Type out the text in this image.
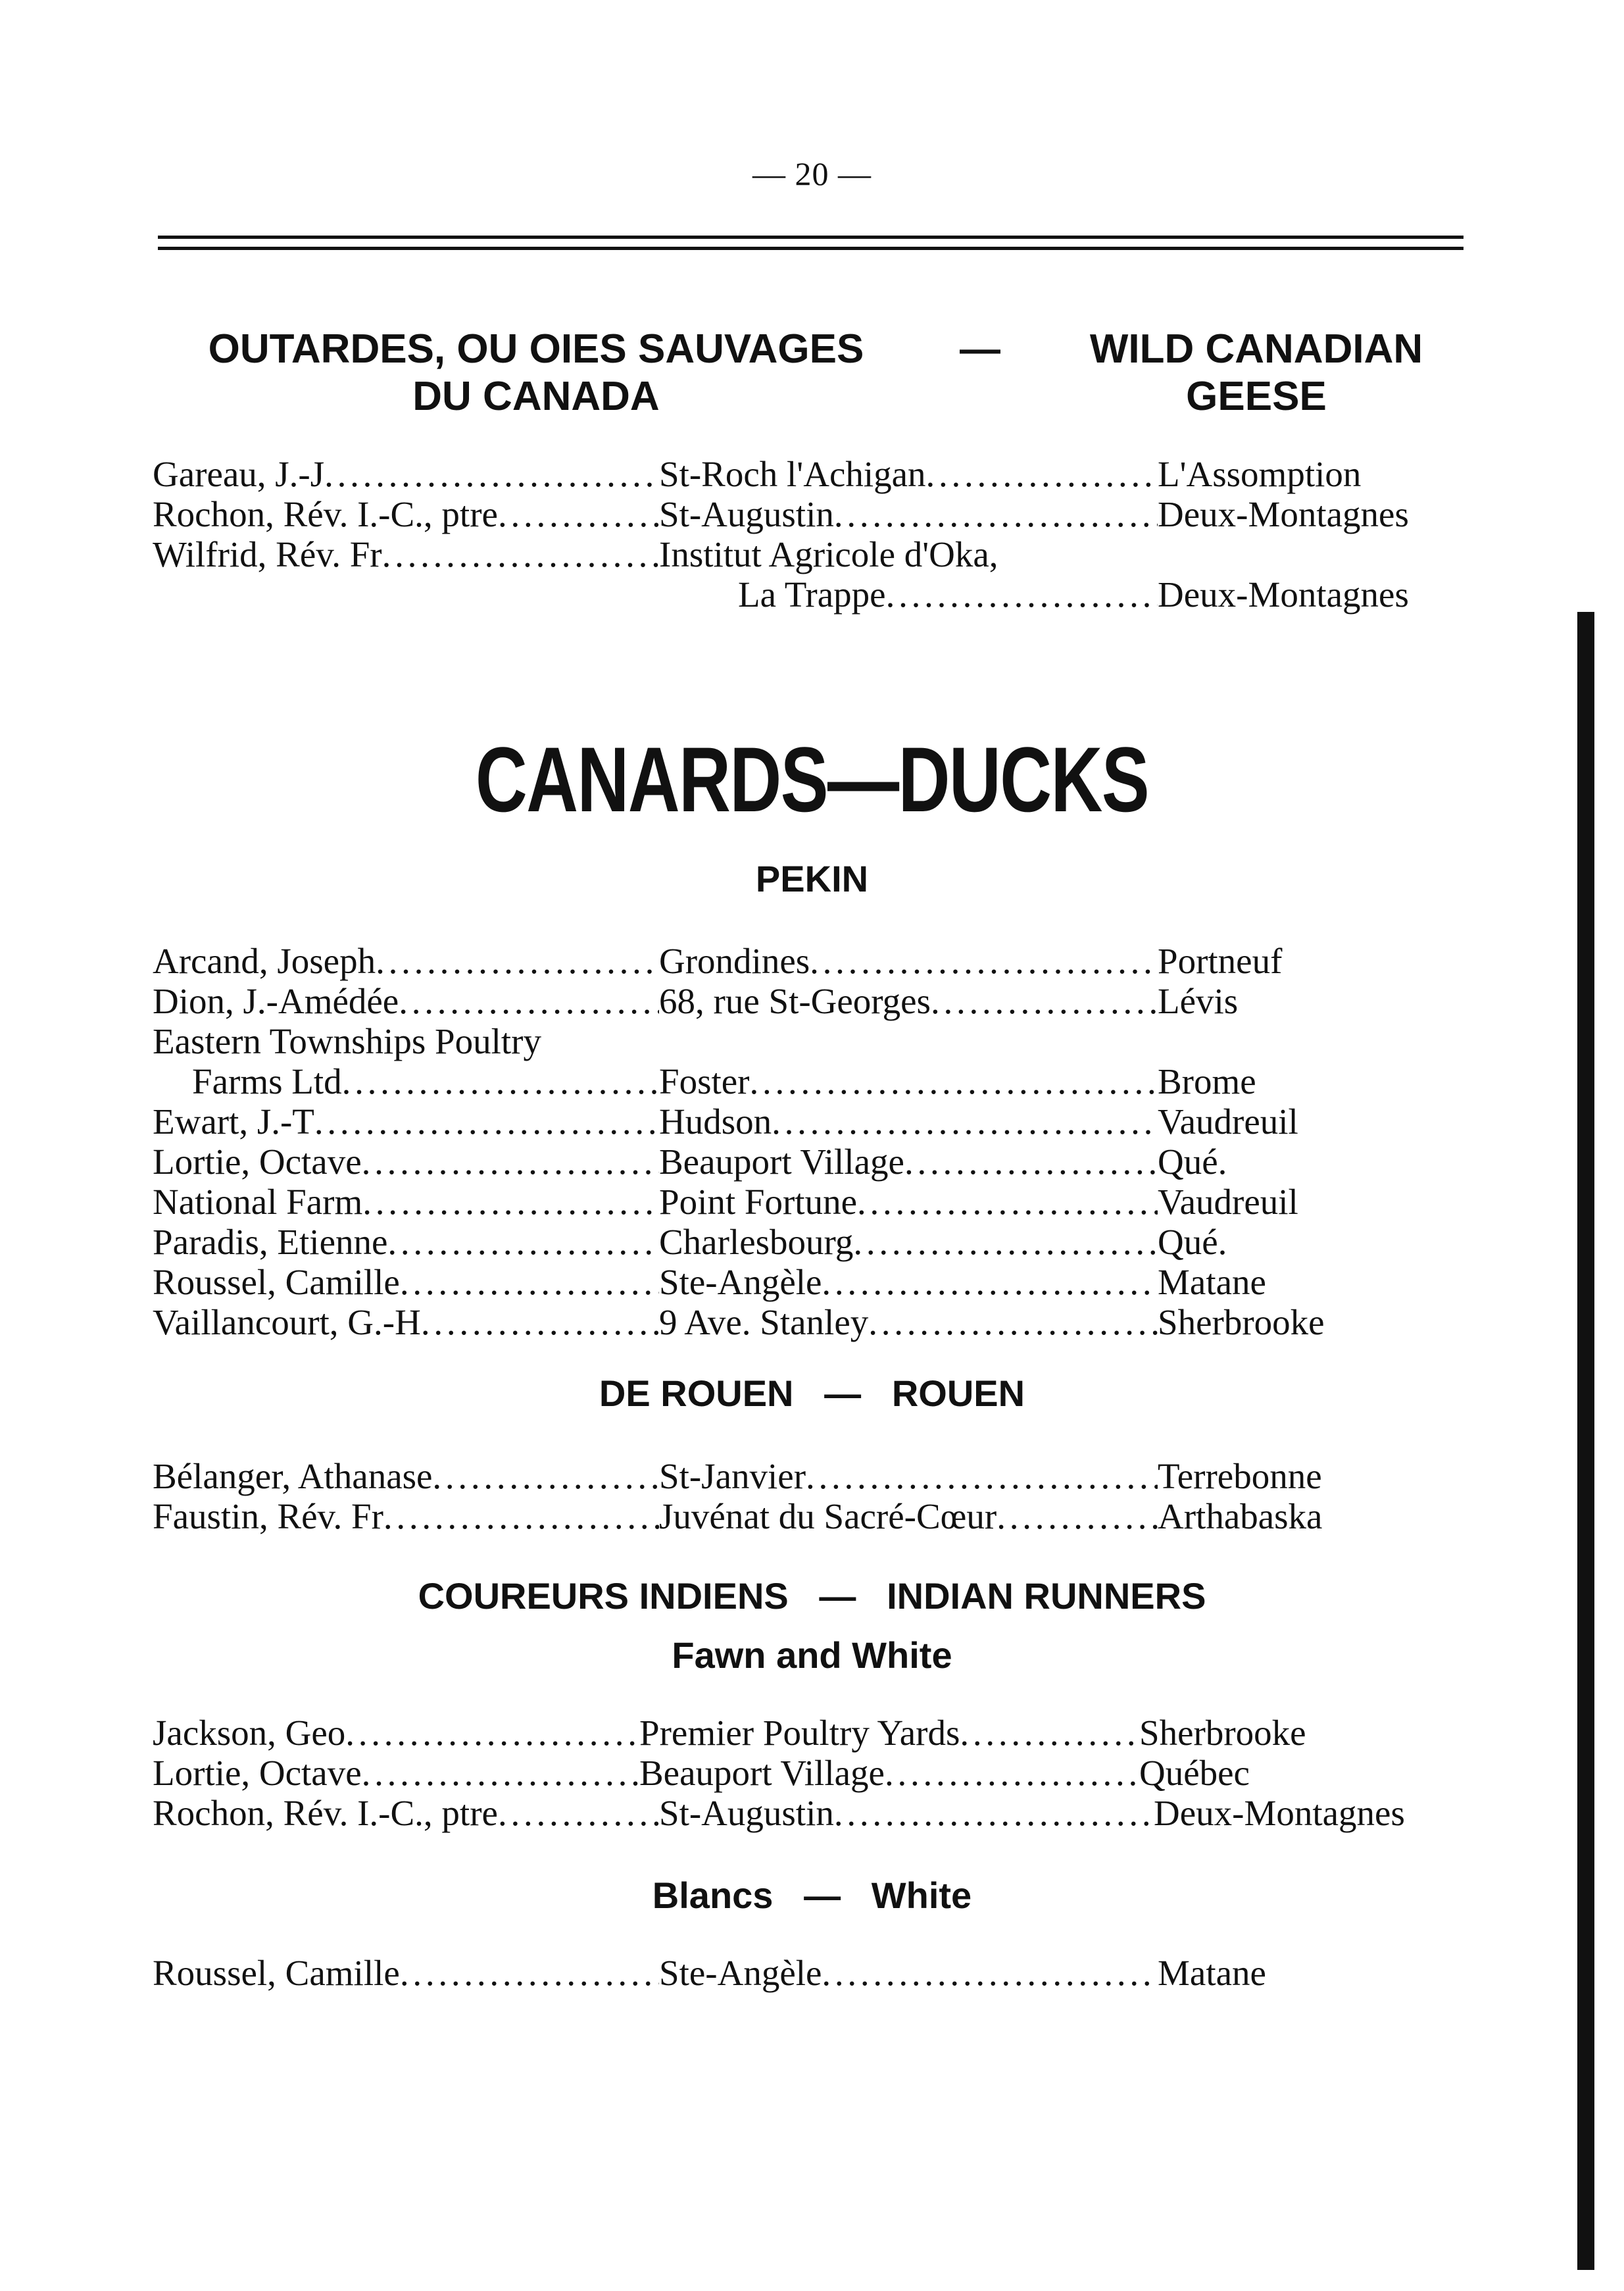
— 20 —
OUTARDES, OU OIES SAUVAGES
DU CANADA
—	WILD CANADIAN
GEESE
Gareau, J.-J . . .	St-Roch l'Achigan . . .	L'Assomption
Rochon, Rév. I.-C., ptre . . .	St-Augustin . . .	Deux-Montagnes
Wilfrid, Rév. Fr . . .	Institut Agricole d'Oka,
La Trappe . . .	Deux-Montagnes
CANARDS—DUCKS
PEKIN
Arcand, Joseph . . .	Grondines . . .	Portneuf
Dion, J.-Amédée . . .	68, rue St-Georges . . .	Lévis
Eastern Townships Poultry
Farms Ltd . . .	Foster . . .	Brome
Ewart, J.-T . . .	Hudson . . .	Vaudreuil
Lortie, Octave . . .	Beauport Village . . .	Qué.
National Farm . . .	Point Fortune . . .	Vaudreuil
Paradis, Etienne . . .	Charlesbourg . . .	Qué.
Roussel, Camille . . .	Ste-Angèle . . .	Matane
Vaillancourt, G.-H . . .	9 Ave. Stanley . . .	Sherbrooke
DE ROUEN   —   ROUEN
Bélanger, Athanase . . .	St-Janvier . . .	Terrebonne
Faustin, Rév. Fr . . .	Juvénat du Sacré-Cœur . . .	Arthabaska
COUREURS INDIENS   —   INDIAN RUNNERS
Fawn and White
Jackson, Geo . . .	Premier Poultry Yards . . .	Sherbrooke
Lortie, Octave . . .	Beauport Village . . .	Québec
Rochon, Rév. I.-C., ptre . . .	St-Augustin . . .	Deux-Montagnes
Blancs   —   White
Roussel, Camille . . .	Ste-Angèle . . .	Matane
